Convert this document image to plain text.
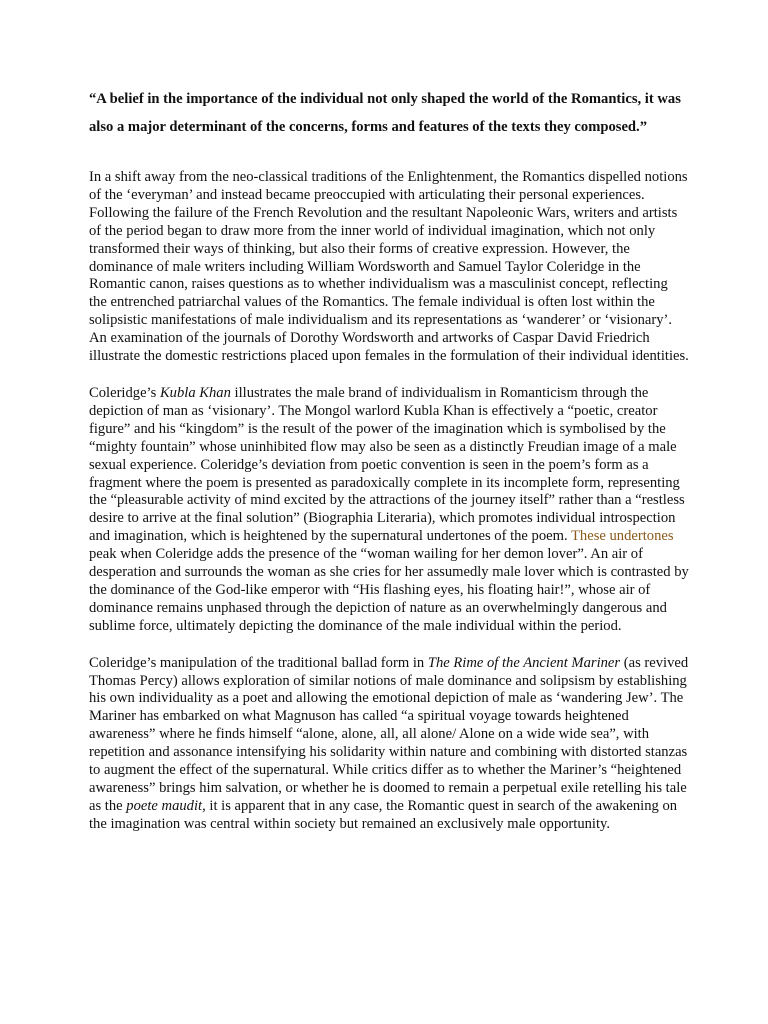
“A belief in the importance of the individual not only shaped the world of the Romantics, it was also a major determinant of the concerns, forms and features of the texts they composed.”

In a shift away from the neo-classical traditions of the Enlightenment, the Romantics dispelled notions of the ‘everyman’ and instead became preoccupied with articulating their personal experiences. Following the failure of the French Revolution and the resultant Napoleonic Wars, writers and artists of the period began to draw more from the inner world of individual imagination, which not only transformed their ways of thinking, but also their forms of creative expression. However, the dominance of male writers including William Wordsworth and Samuel Taylor Coleridge in the Romantic canon, raises questions as to whether individualism was a masculinist concept, reflecting the entrenched patriarchal values of the Romantics. The female individual is often lost within the solipsistic manifestations of male individualism and its representations as ‘wanderer’ or ‘visionary’. An examination of the journals of Dorothy Wordsworth and artworks of Caspar David Friedrich illustrate the domestic restrictions placed upon females in the formulation of their individual identities.

Coleridge’s Kubla Khan illustrates the male brand of individualism in Romanticism through the depiction of man as ‘visionary’. The Mongol warlord Kubla Khan is effectively a “poetic, creator figure” and his “kingdom” is the result of the power of the imagination which is symbolised by the “mighty fountain” whose uninhibited flow may also be seen as a distinctly Freudian image of a male sexual experience. Coleridge’s deviation from poetic convention is seen in the poem’s form as a fragment where the poem is presented as paradoxically complete in its incomplete form, representing the “pleasurable activity of mind excited by the attractions of the journey itself” rather than a “restless desire to arrive at the final solution” (Biographia Literaria), which promotes individual introspection and imagination, which is heightened by the supernatural undertones of the poem. These undertones peak when Coleridge adds the presence of the “woman wailing for her demon lover”. An air of desperation and surrounds the woman as she cries for her assumedly male lover which is contrasted by the dominance of the God-like emperor with “His flashing eyes, his floating hair!”, whose air of dominance remains unphased through the depiction of nature as an overwhelmingly dangerous and sublime force, ultimately depicting the dominance of the male individual within the period.

Coleridge’s manipulation of the traditional ballad form in The Rime of the Ancient Mariner (as revived Thomas Percy) allows exploration of similar notions of male dominance and solipsism by establishing his own individuality as a poet and allowing the emotional depiction of male as ‘wandering Jew’. The Mariner has embarked on what Magnuson has called “a spiritual voyage towards heightened awareness” where he finds himself “alone, alone, all, all alone/ Alone on a wide wide sea”, with repetition and assonance intensifying his solidarity within nature and combining with distorted stanzas to augment the effect of the supernatural. While critics differ as to whether the Mariner’s “heightened awareness” brings him salvation, or whether he is doomed to remain a perpetual exile retelling his tale as the poete maudit, it is apparent that in any case, the Romantic quest in search of the awakening on the imagination was central within society but remained an exclusively male opportunity.
